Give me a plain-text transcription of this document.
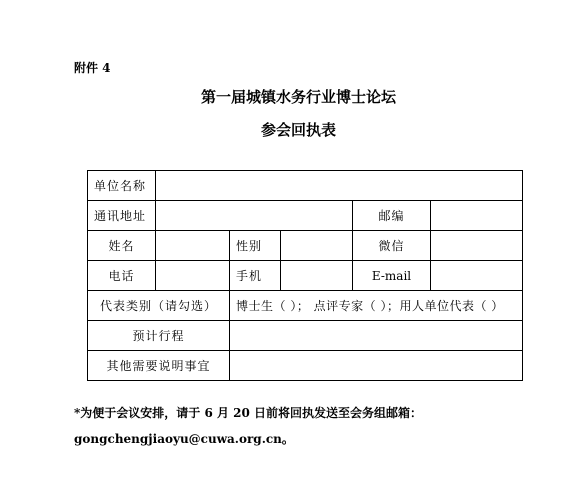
附件 4
第一届城镇水务行业博士论坛
参会回执表
单位名称					
通讯地址				邮编	
姓名		性别		微信	
电话		手机		E-mail	
代表类别（请勾选）		博士生（ ）； 点评专家（ ）；用人单位代表（ ）			
预计行程					
其他需要说明事宜					
*为便于会议安排，请于 6 月 20 日前将回执发送至会务组邮箱：
gongchengjiaoyu@cuwa.org.cn。
